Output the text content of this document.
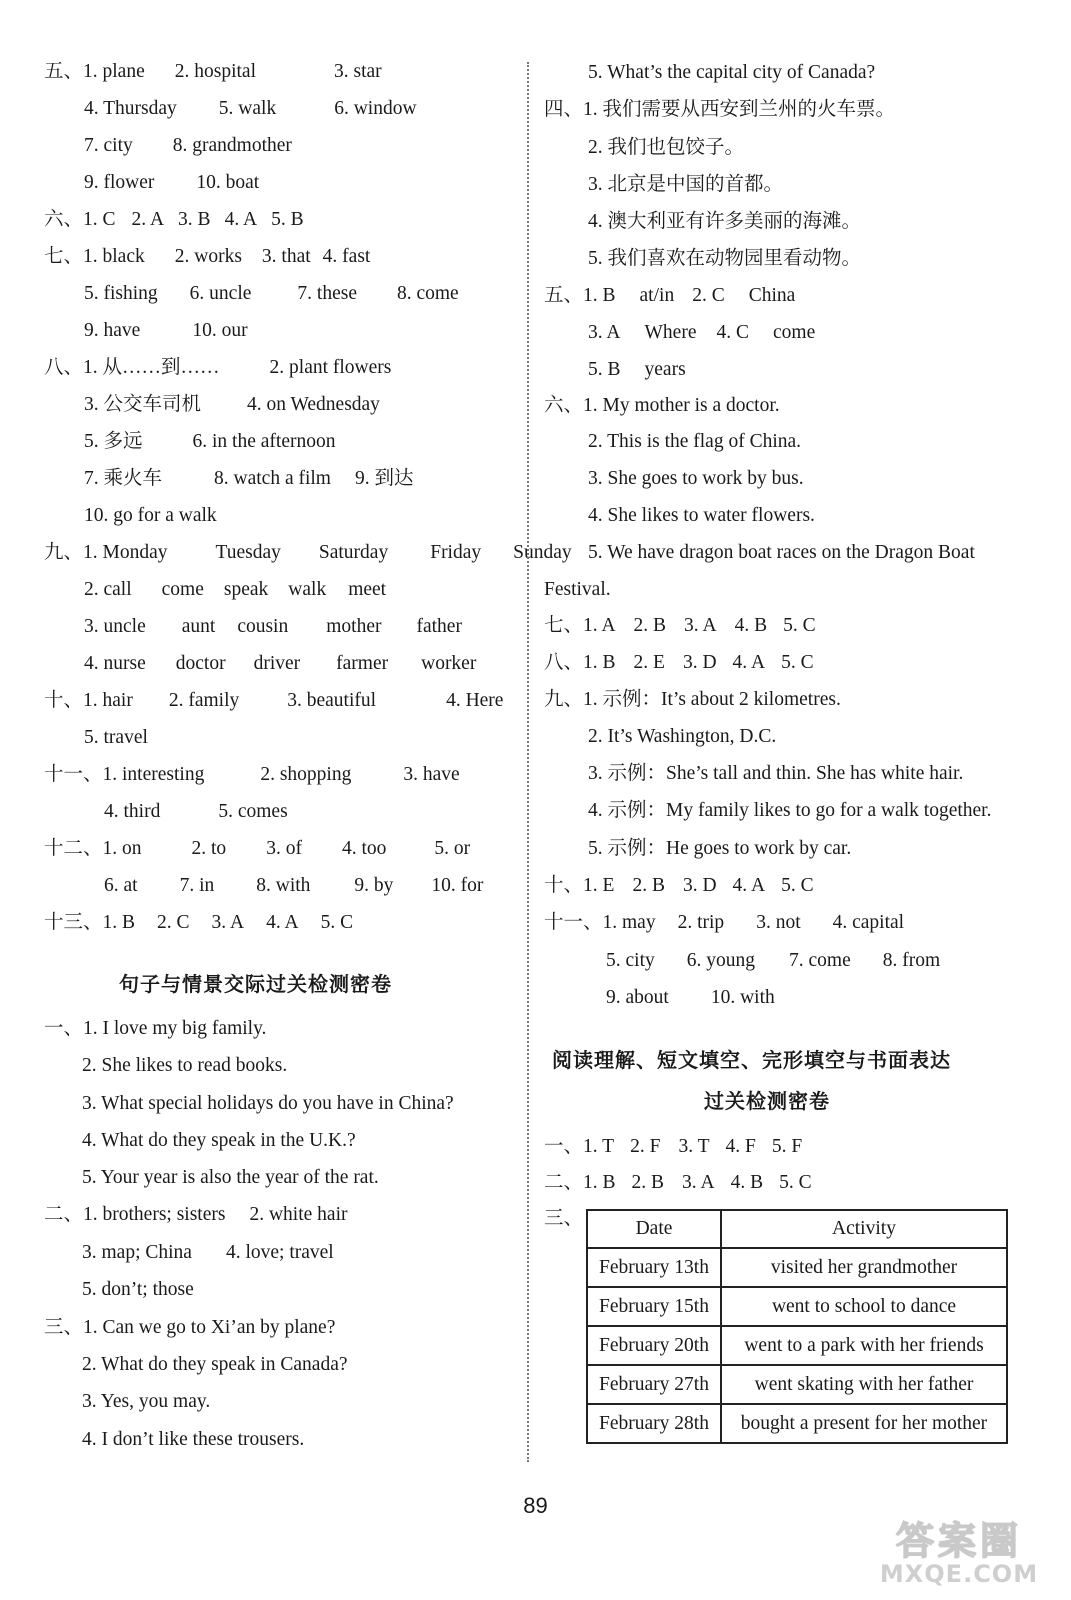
五、1. plane 2. hospital	3. star
4. Thursday 5. walk	6. window
7. city 8. grandmother
9. flower 10. boat
六、1. C 2. A 3. B 4. A 5. B
七、1. black 2. works 3. that 4. fast
5. fishing 6. uncle 7. these 8. come
9. have	10. our
八、1. 从……到……	2. plant flowers
3. 公交车司机 4. on Wednesday
5. 多远	6. in the afternoon
7. 乘火车	8. watch a film 9. 到达
10. go for a walk
九、1. Monday Tuesday Saturday Friday Sunday
2. call come speak walk meet
3. uncle aunt cousin mother father
4. nurse doctor driver farmer worker
十、1. hair 2. family 3. beautiful	4. Here
5. travel
十一、1. interesting	2. shopping	3. have
4. third	5. comes
十二、1. on	2. to 3. of 4. too 5. or
6. at 7. in 8. with 9. by 10. for
十三、1. B 2. C 3. A 4. A 5. C
句子与情景交际过关检测密卷
一、1. I love my big family.
2. She likes to read books.
3. What special holidays do you have in China?
4. What do they speak in the U.K.?
5. Your year is also the year of the rat.
二、1. brothers; sisters 2. white hair
3. map; China 4. love; travel
5. don’t; those
三、1. Can we go to Xi’an by plane?
2. What do they speak in Canada?
3. Yes, you may.
4. I don’t like these trousers.
5. What’s the capital city of Canada?
四、1. 我们需要从西安到兰州的火车票。
2. 我们也包饺子。
3. 北京是中国的首都。
4. 澳大利亚有许多美丽的海滩。
5. 我们喜欢在动物园里看动物。
五、1. B at/in 2. C China
3. A Where 4. C come
5. B years
六、1. My mother is a doctor.
2. This is the flag of China.
3. She goes to work by bus.
4. She likes to water flowers.
5. We have dragon boat races on the Dragon Boat
Festival.
七、1. A 2. B 3. A 4. B 5. C
八、1. B 2. E 3. D 4. A 5. C
九、1. 示例：It’s about 2 kilometres.
2. It’s Washington, D.C.
3. 示例：She’s tall and thin. She has white hair.
4. 示例：My family likes to go for a walk together.
5. 示例：He goes to work by car.
十、1. E 2. B 3. D 4. A 5. C
十一、1. may 2. trip 3. not 4. capital
5. city 6. young 7. come 8. from
9. about 10. with
阅读理解、短文填空、完形填空与书面表达
过关检测密卷
一、1. T 2. F 3. T 4. F 5. F
二、1. B 2. B 3. A 4. B 5. C
三、	Date	Activity
February 13th	visited her grandmother
February 15th	went to school to dance
February 20th	went to a park with her friends
February 27th	went skating with her father
February 28th	bought a present for her mother
89
答案圈
MXQE.COM
